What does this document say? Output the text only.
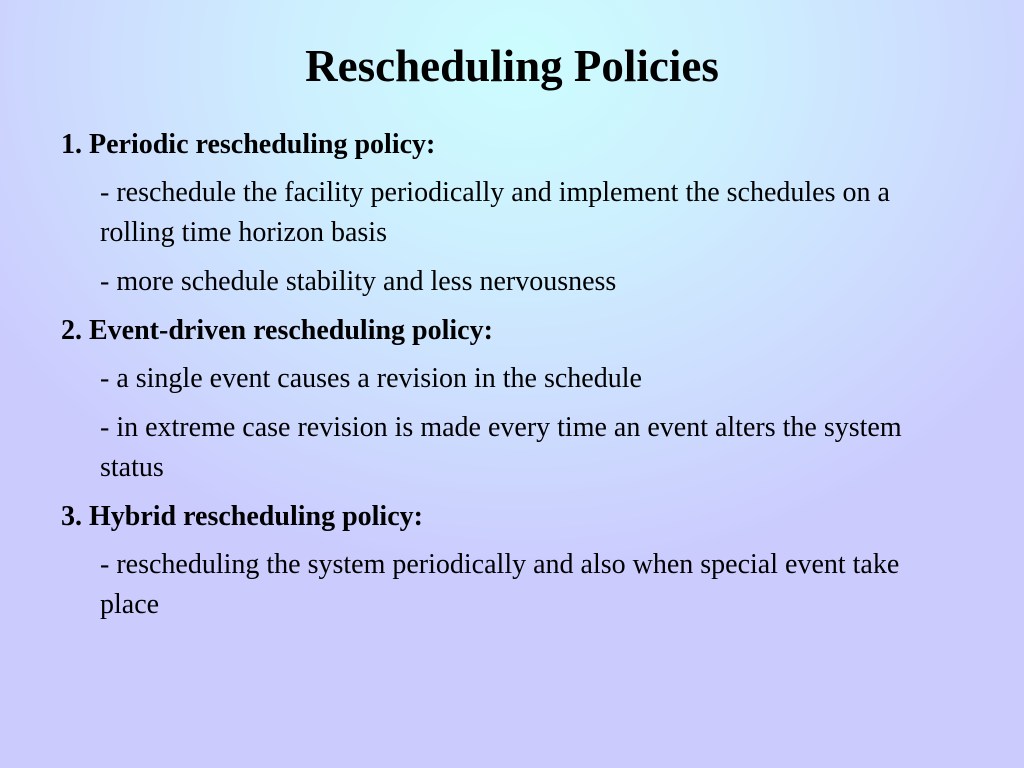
Rescheduling Policies

1. Periodic rescheduling policy:

- reschedule the facility periodically and implement the schedules on a rolling time horizon basis

- more schedule stability and less nervousness

2. Event-driven rescheduling policy:

- a single event causes a revision in the schedule

- in extreme case revision is made every time an event alters the system status

3. Hybrid rescheduling policy:

- rescheduling the system periodically and also when special event take place
